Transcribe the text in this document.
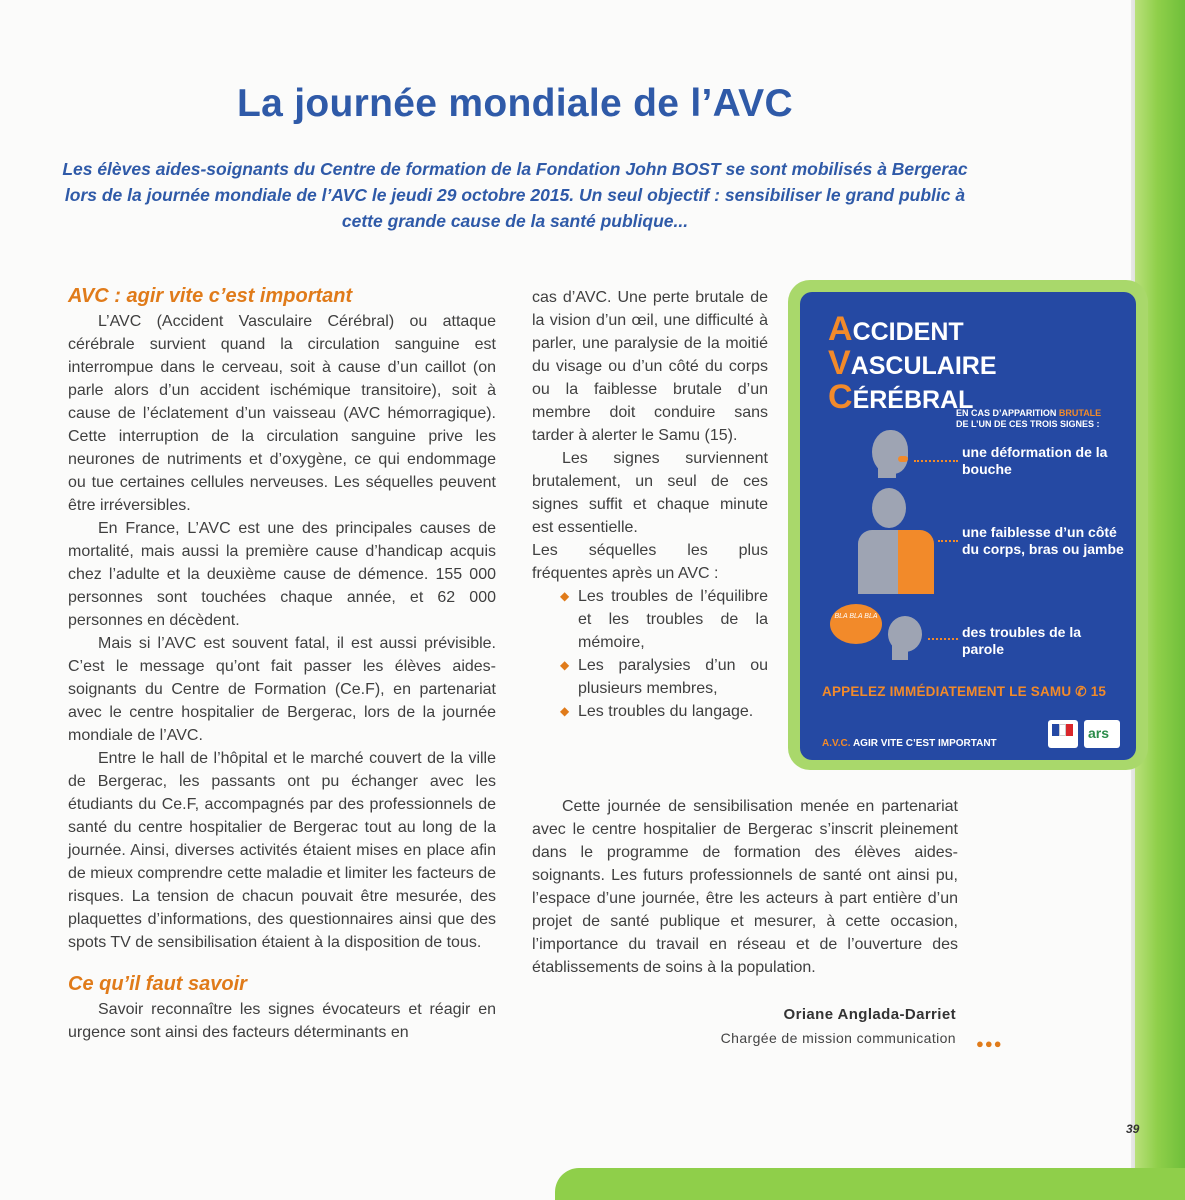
La journée mondiale de l’AVC

Les élèves aides-soignants du Centre de formation de la Fondation John BOST se sont mobilisés à Bergerac lors de la journée mondiale de l’AVC le jeudi 29 octobre 2015. Un seul objectif : sensibiliser le grand public à cette grande cause de la santé publique...

AVC : agir vite c’est important

L’AVC (Accident Vasculaire Cérébral) ou attaque cérébrale survient quand la circulation sanguine est interrompue dans le cerveau, soit à cause d’un caillot (on parle alors d’un accident ischémique transitoire), soit à cause de l’éclatement d’un vaisseau (AVC hémorragique). Cette interruption de la circulation sanguine prive les neurones de nutriments et d’oxygène, ce qui endommage ou tue certaines cellules nerveuses. Les séquelles peuvent être irréversibles.

En France, L’AVC est une des principales causes de mortalité, mais aussi la première cause d’handicap acquis chez l’adulte et la deuxième cause de démence. 155 000 personnes sont touchées chaque année, et 62 000 personnes en décèdent.

Mais si l’AVC est souvent fatal, il est aussi prévisible. C’est le message qu’ont fait passer les élèves aides-soignants du Centre de Formation (Ce.F), en partenariat avec le centre hospitalier de Bergerac, lors de la journée mondiale de l’AVC.

Entre le hall de l’hôpital et le marché couvert de la ville de Bergerac, les passants ont pu échanger avec les étudiants du Ce.F, accompagnés par des professionnels de santé du centre hospitalier de Bergerac tout au long de la journée. Ainsi, diverses activités étaient mises en place afin de mieux comprendre cette maladie et limiter les facteurs de risques. La tension de chacun pouvait être mesurée, des plaquettes d’informations, des questionnaires ainsi que des spots TV de sensibilisation étaient à la disposition de tous.

Ce qu’il faut savoir

Savoir reconnaître les signes évocateurs et réagir en urgence sont ainsi des facteurs déterminants en

cas d’AVC. Une perte brutale de la vision d’un œil, une difficulté à parler, une paralysie de la moitié du visage ou d’un côté du corps ou la faiblesse brutale d’un membre doit conduire sans tarder à alerter le Samu (15).

Les signes surviennent brutalement, un seul de ces signes suffit et chaque minute est essentielle.

Les séquelles les plus fréquentes après un AVC :

◆ Les troubles de l’équilibre et les troubles de la mémoire,
◆ Les paralysies d’un ou plusieurs membres,
◆ Les troubles du langage.

Cette journée de sensibilisation menée en partenariat avec le centre hospitalier de Bergerac s’inscrit pleinement dans le programme de formation des élèves aides-soignants. Les futurs professionnels de santé ont ainsi pu, l’espace d’une journée, être les acteurs à part entière d’un projet de santé publique et mesurer, à cette occasion, l’importance du travail en réseau et de l’ouverture des établissements de soins à la population.

Oriane Anglada-Darriet
Chargée de mission communication ●●●
39
ACCIDENT
VASCULAIRE
CÉRÉBRAL
EN CAS D’APPARITION BRUTALE
DE L’UN DE CES TROIS SIGNES :
une déformation de la bouche
une faiblesse d’un côté du corps, bras ou jambe
BLA BLA BLA
des troubles de la parole
APPELEZ IMMÉDIATEMENT LE SAMU ✆ 15
A.V.C. AGIR VITE C’EST IMPORTANT
ars
